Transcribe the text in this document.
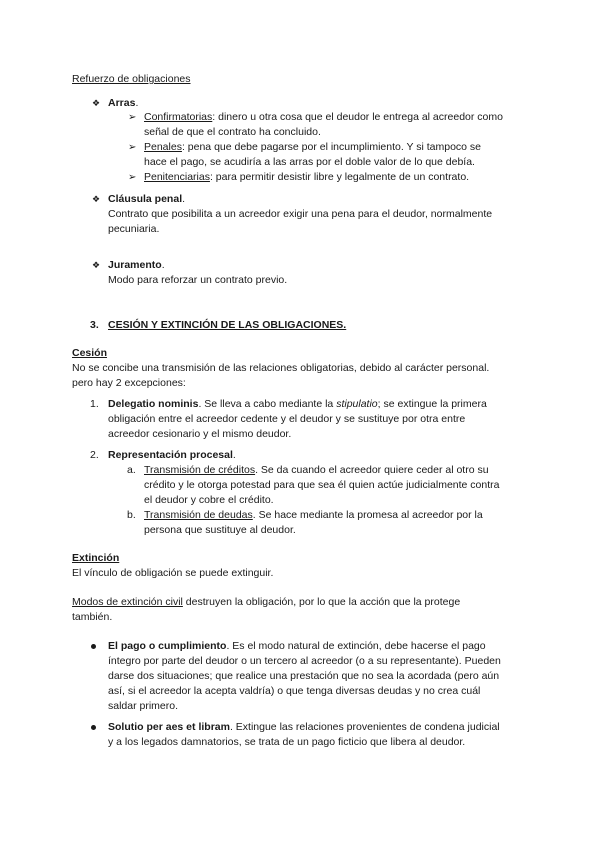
Refuerzo de obligaciones
❖ Arras.
➢ Confirmatorias: dinero u otra cosa que el deudor le entrega al acreedor como
señal de que el contrato ha concluido.
➢ Penales: pena que debe pagarse por el incumplimiento. Y si tampoco se
hace el pago, se acudiría a las arras por el doble valor de lo que debía.
➢ Penitenciarias: para permitir desistir libre y legalmente de un contrato.
❖ Cláusula penal.
Contrato que posibilita a un acreedor exigir una pena para el deudor, normalmente
pecuniaria.
❖ Juramento.
Modo para reforzar un contrato previo.
3. CESIÓN Y EXTINCIÓN DE LAS OBLIGACIONES.
Cesión
No se concibe una transmisión de las relaciones obligatorias, debido al carácter personal.
pero hay 2 excepciones:
1. Delegatio nominis. Se lleva a cabo mediante la stipulatio; se extingue la primera
obligación entre el acreedor cedente y el deudor y se sustituye por otra entre
acreedor cesionario y el mismo deudor.
2. Representación procesal.
a. Transmisión de créditos. Se da cuando el acreedor quiere ceder al otro su
crédito y le otorga potestad para que sea él quien actúe judicialmente contra
el deudor y cobre el crédito.
b. Transmisión de deudas. Se hace mediante la promesa al acreedor por la
persona que sustituye al deudor.
Extinción
El vínculo de obligación se puede extinguir.
Modos de extinción civil destruyen la obligación, por lo que la acción que la protege
también.
El pago o cumplimiento. Es el modo natural de extinción, debe hacerse el pago
íntegro por parte del deudor o un tercero al acreedor (o a su representante). Pueden
darse dos situaciones; que realice una prestación que no sea la acordada (pero aún
así, si el acreedor la acepta valdría) o que tenga diversas deudas y no crea cuál
saldar primero.
Solutio per aes et libram. Extingue las relaciones provenientes de condena judicial
y a los legados damnatorios, se trata de un pago ficticio que libera al deudor.
